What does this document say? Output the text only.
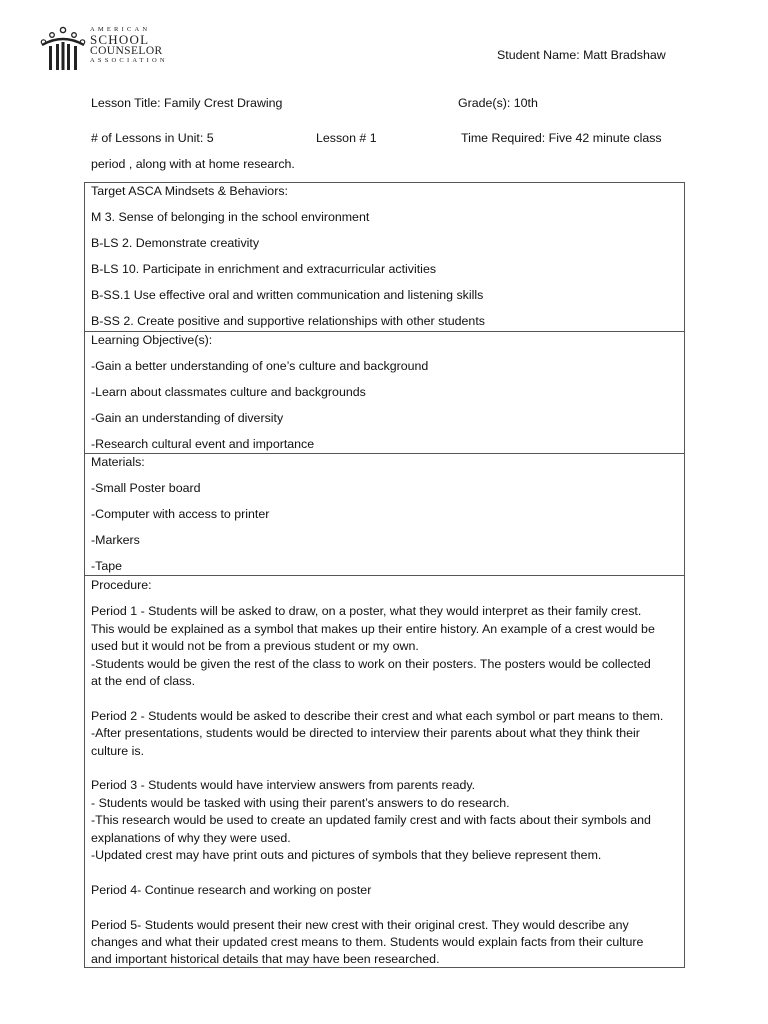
AMERICAN
SCHOOL
COUNSELOR
ASSOCIATION	Student Name: Matt Bradshaw
Lesson Title: Family Crest Drawing	Grade(s): 10th
# of Lessons in Unit: 5	Lesson # 1	Time Required: Five 42 minute class
period , along with at home research.
Target ASCA Mindsets & Behaviors:
M 3. Sense of belonging in the school environment
B-LS 2. Demonstrate creativity
B-LS 10. Participate in enrichment and extracurricular activities
B-SS.1 Use effective oral and written communication and listening skills
B-SS 2. Create positive and supportive relationships with other students
Learning Objective(s):
-Gain a better understanding of one’s culture and background
-Learn about classmates culture and backgrounds
-Gain an understanding of diversity
-Research cultural event and importance
Materials:
-Small Poster board
-Computer with access to printer
-Markers
-Tape
Procedure:
Period 1 - Students will be asked to draw, on a poster, what they would interpret as their family crest.
This would be explained as a symbol that makes up their entire history. An example of a crest would be
used but it would not be from a previous student or my own.
-Students would be given the rest of the class to work on their posters. The posters would be collected
at the end of class.
Period 2 - Students would be asked to describe their crest and what each symbol or part means to them.
-After presentations, students would be directed to interview their parents about what they think their
culture is.
Period 3 - Students would have interview answers from parents ready.
- Students would be tasked with using their parent’s answers to do research.
-This research would be used to create an updated family crest and with facts about their symbols and
explanations of why they were used.
-Updated crest may have print outs and pictures of symbols that they believe represent them.
Period 4- Continue research and working on poster
Period 5- Students would present their new crest with their original crest. They would describe any
changes and what their updated crest means to them. Students would explain facts from their culture
and important historical details that may have been researched.
